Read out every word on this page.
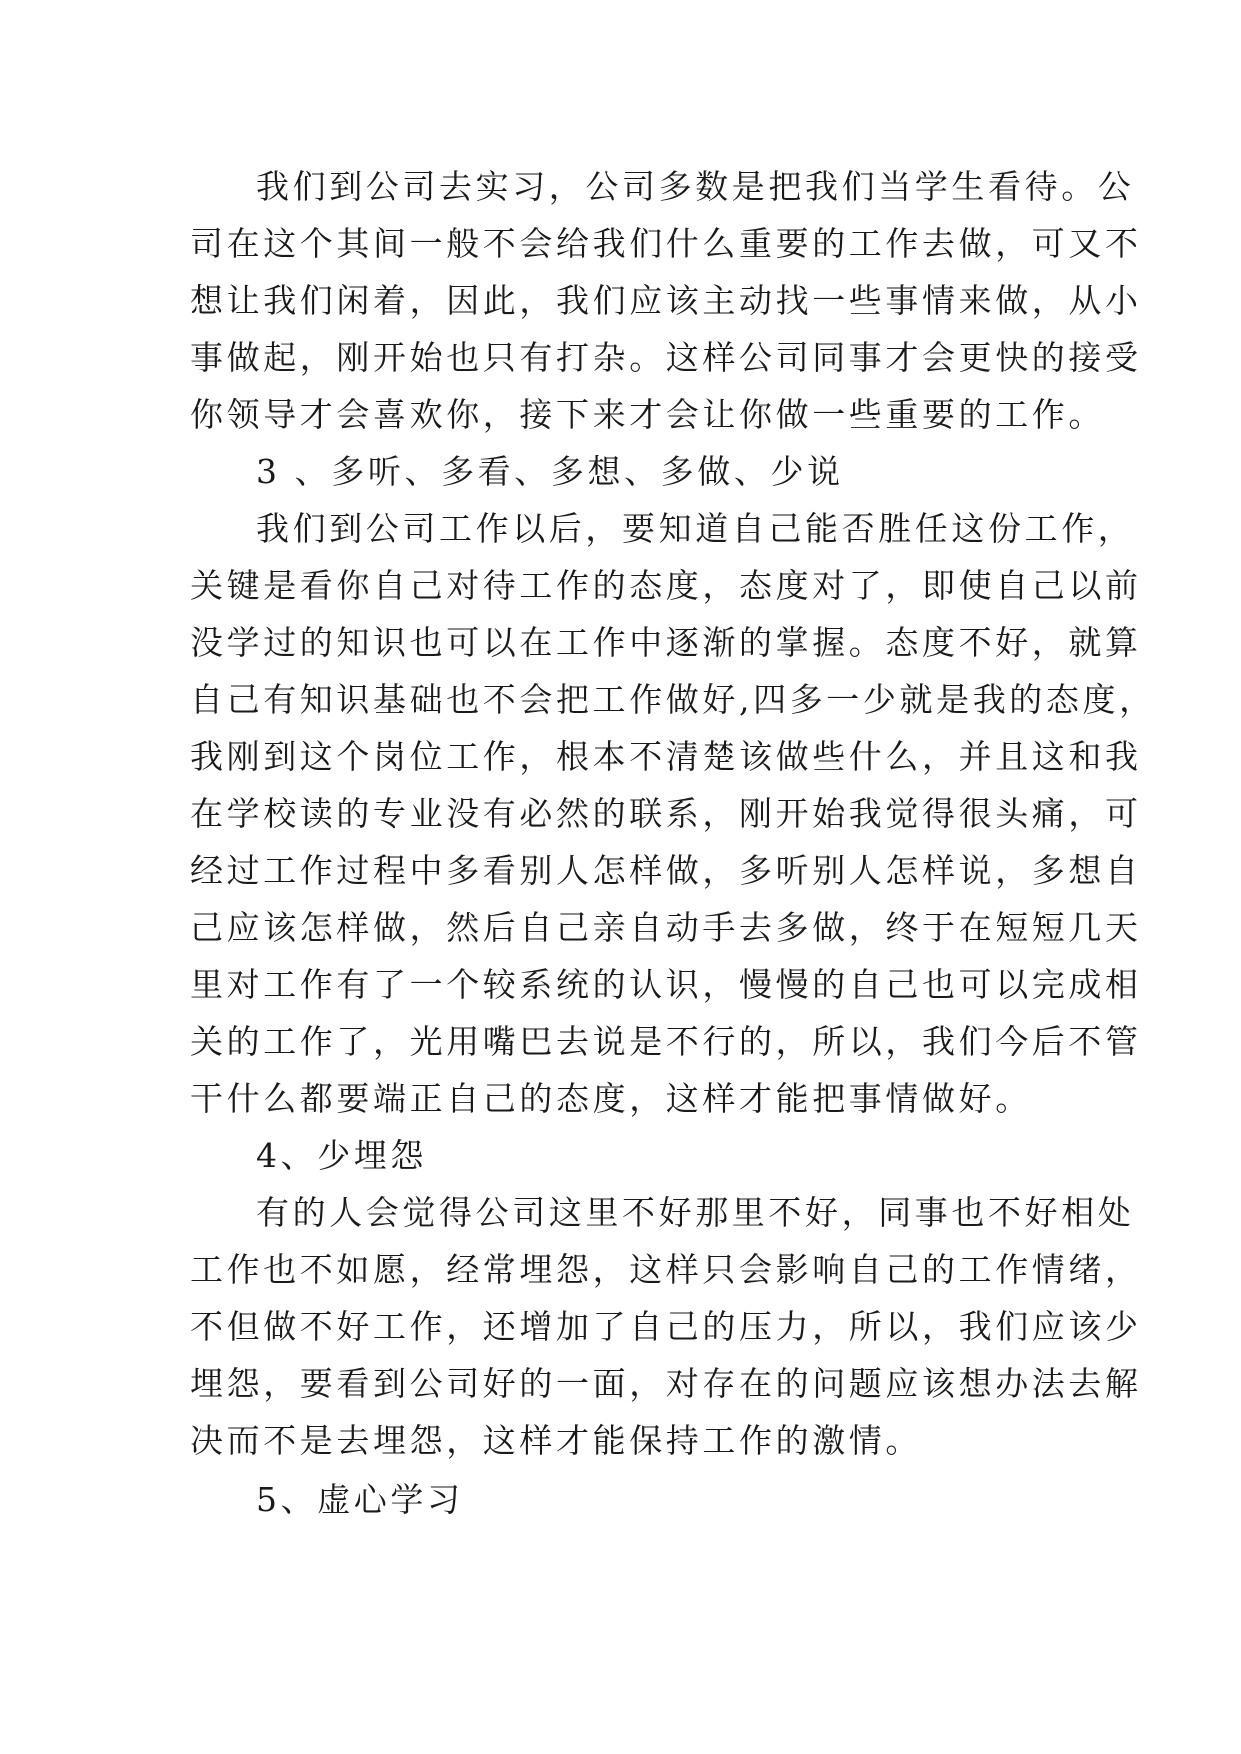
我们到公司去实习，公司多数是把我们当学生看待。公
司在这个其间一般不会给我们什么重要的工作去做，可又不
想让我们闲着，因此，我们应该主动找一些事情来做，从小
事做起，刚开始也只有打杂。这样公司同事才会更快的接受
你领导才会喜欢你，接下来才会让你做一些重要的工作。
3 、多听、多看、多想、多做、少说
我们到公司工作以后，要知道自己能否胜任这份工作，
关键是看你自己对待工作的态度，态度对了，即使自己以前
没学过的知识也可以在工作中逐渐的掌握。态度不好，就算
自己有知识基础也不会把工作做好,四多一少就是我的态度，
我刚到这个岗位工作，根本不清楚该做些什么，并且这和我
在学校读的专业没有必然的联系，刚开始我觉得很头痛，可
经过工作过程中多看别人怎样做，多听别人怎样说，多想自
己应该怎样做，然后自己亲自动手去多做，终于在短短几天
里对工作有了一个较系统的认识，慢慢的自己也可以完成相
关的工作了，光用嘴巴去说是不行的，所以，我们今后不管
干什么都要端正自己的态度，这样才能把事情做好。
4、少埋怨
有的人会觉得公司这里不好那里不好，同事也不好相处
工作也不如愿，经常埋怨，这样只会影响自己的工作情绪，
不但做不好工作，还增加了自己的压力，所以，我们应该少
埋怨，要看到公司好的一面，对存在的问题应该想办法去解
决而不是去埋怨，这样才能保持工作的激情。
5、虚心学习
